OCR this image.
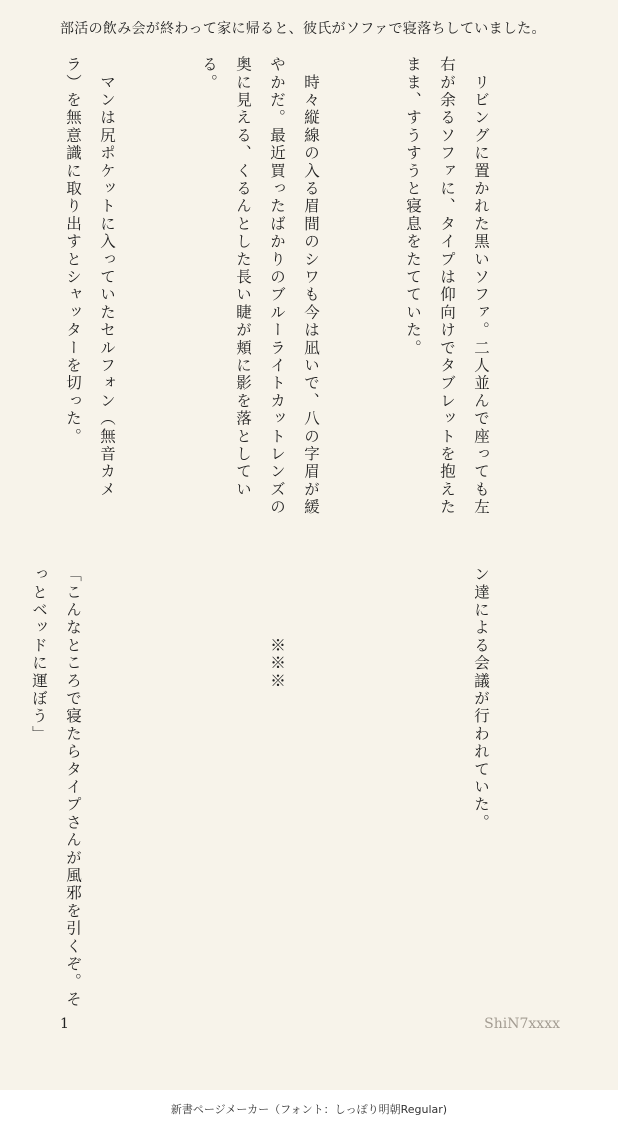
部活の飲み会が終わって家に帰ると、彼氏がソファで寝落ちしていました。

　リビングに置かれた黒いソファ。二人並んで座っても左右が余るソファに、タイプは仰向けでタブレットを抱えたまま、すうすうと寝息をたてていた。

　時々縦線の入る眉間のシワも今は凪いで、八の字眉が緩やかだ。最近買ったばかりのブルーライトカットレンズの奥に見える、くるんとした長い睫が頬に影を落としている。

　マンは尻ポケットに入っていたセルフォン（無音カメラ）を無意識に取り出すとシャッターを切った。

ン達による会議が行われていた。

　　　　※※※

「こんなところで寝たらタイプさんが風邪を引くぞ。そっとベッドに運ぼう」

1	ShiN7xxxx
新書ページメーカー（フォント：しっぽり明朝Regular)
